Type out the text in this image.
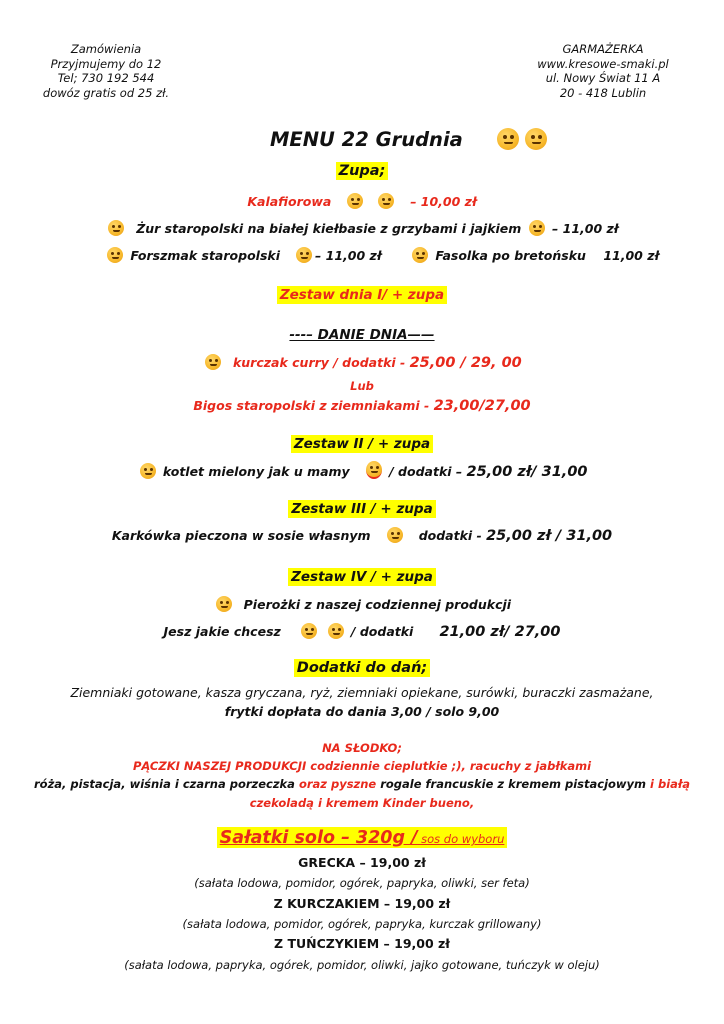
Zamówienia
Przyjmujemy do 12
Tel; 730 192 544
dowóz gratis od 25 zł.
GARMAŻERKA
www.kresowe-smaki.pl
ul. Nowy Świat 11 A
20 - 418 Lublin
MENU 22 Grudnia
Zupa;
Kalafiorowa	– 10,00 zł
Żur staropolski na białej kiełbasie z grzybami i jajkiem – 11,00 zł
Forszmak staropolski	– 11,00 zł	Fasolka po bretońsku 11,00 zł
Zestaw dnia I/ + zupa
---– DANIE DNIA——
kurczak curry / dodatki - 25,00 / 29, 00
Lub
Bigos staropolski z ziemniakami - 23,00/27,00
Zestaw II / + zupa
kotlet mielony jak u mamy	/ dodatki – 25,00 zł/ 31,00
Zestaw III / + zupa
Karkówka pieczona w sosie własnym	dodatki - 25,00 zł / 31,00
Zestaw IV / + zupa
Pierożki z naszej codziennej produkcji
Jesz jakie chcesz	/ dodatki 21,00 zł/ 27,00
Dodatki do dań;
Ziemniaki gotowane, kasza gryczana, ryż, ziemniaki opiekane, surówki, buraczki zasmażane,
frytki dopłata do dania 3,00 / solo 9,00
NA SŁODKO;
PĄCZKI NASZEJ PRODUKCJI codziennie cieplutkie ;), racuchy z jabłkami
róża, pistacja, wiśnia i czarna porzeczka oraz pyszne rogale francuskie z kremem pistacjowym i białą
czekoladą i kremem Kinder bueno,
Sałatki solo – 320g / sos do wyboru
GRECKA – 19,00 zł
(sałata lodowa, pomidor, ogórek, papryka, oliwki, ser feta)
Z KURCZAKIEM – 19,00 zł
(sałata lodowa, pomidor, ogórek, papryka, kurczak grillowany)
Z TUŃCZYKIEM – 19,00 zł
(sałata lodowa, papryka, ogórek, pomidor, oliwki, jajko gotowane, tuńczyk w oleju)
